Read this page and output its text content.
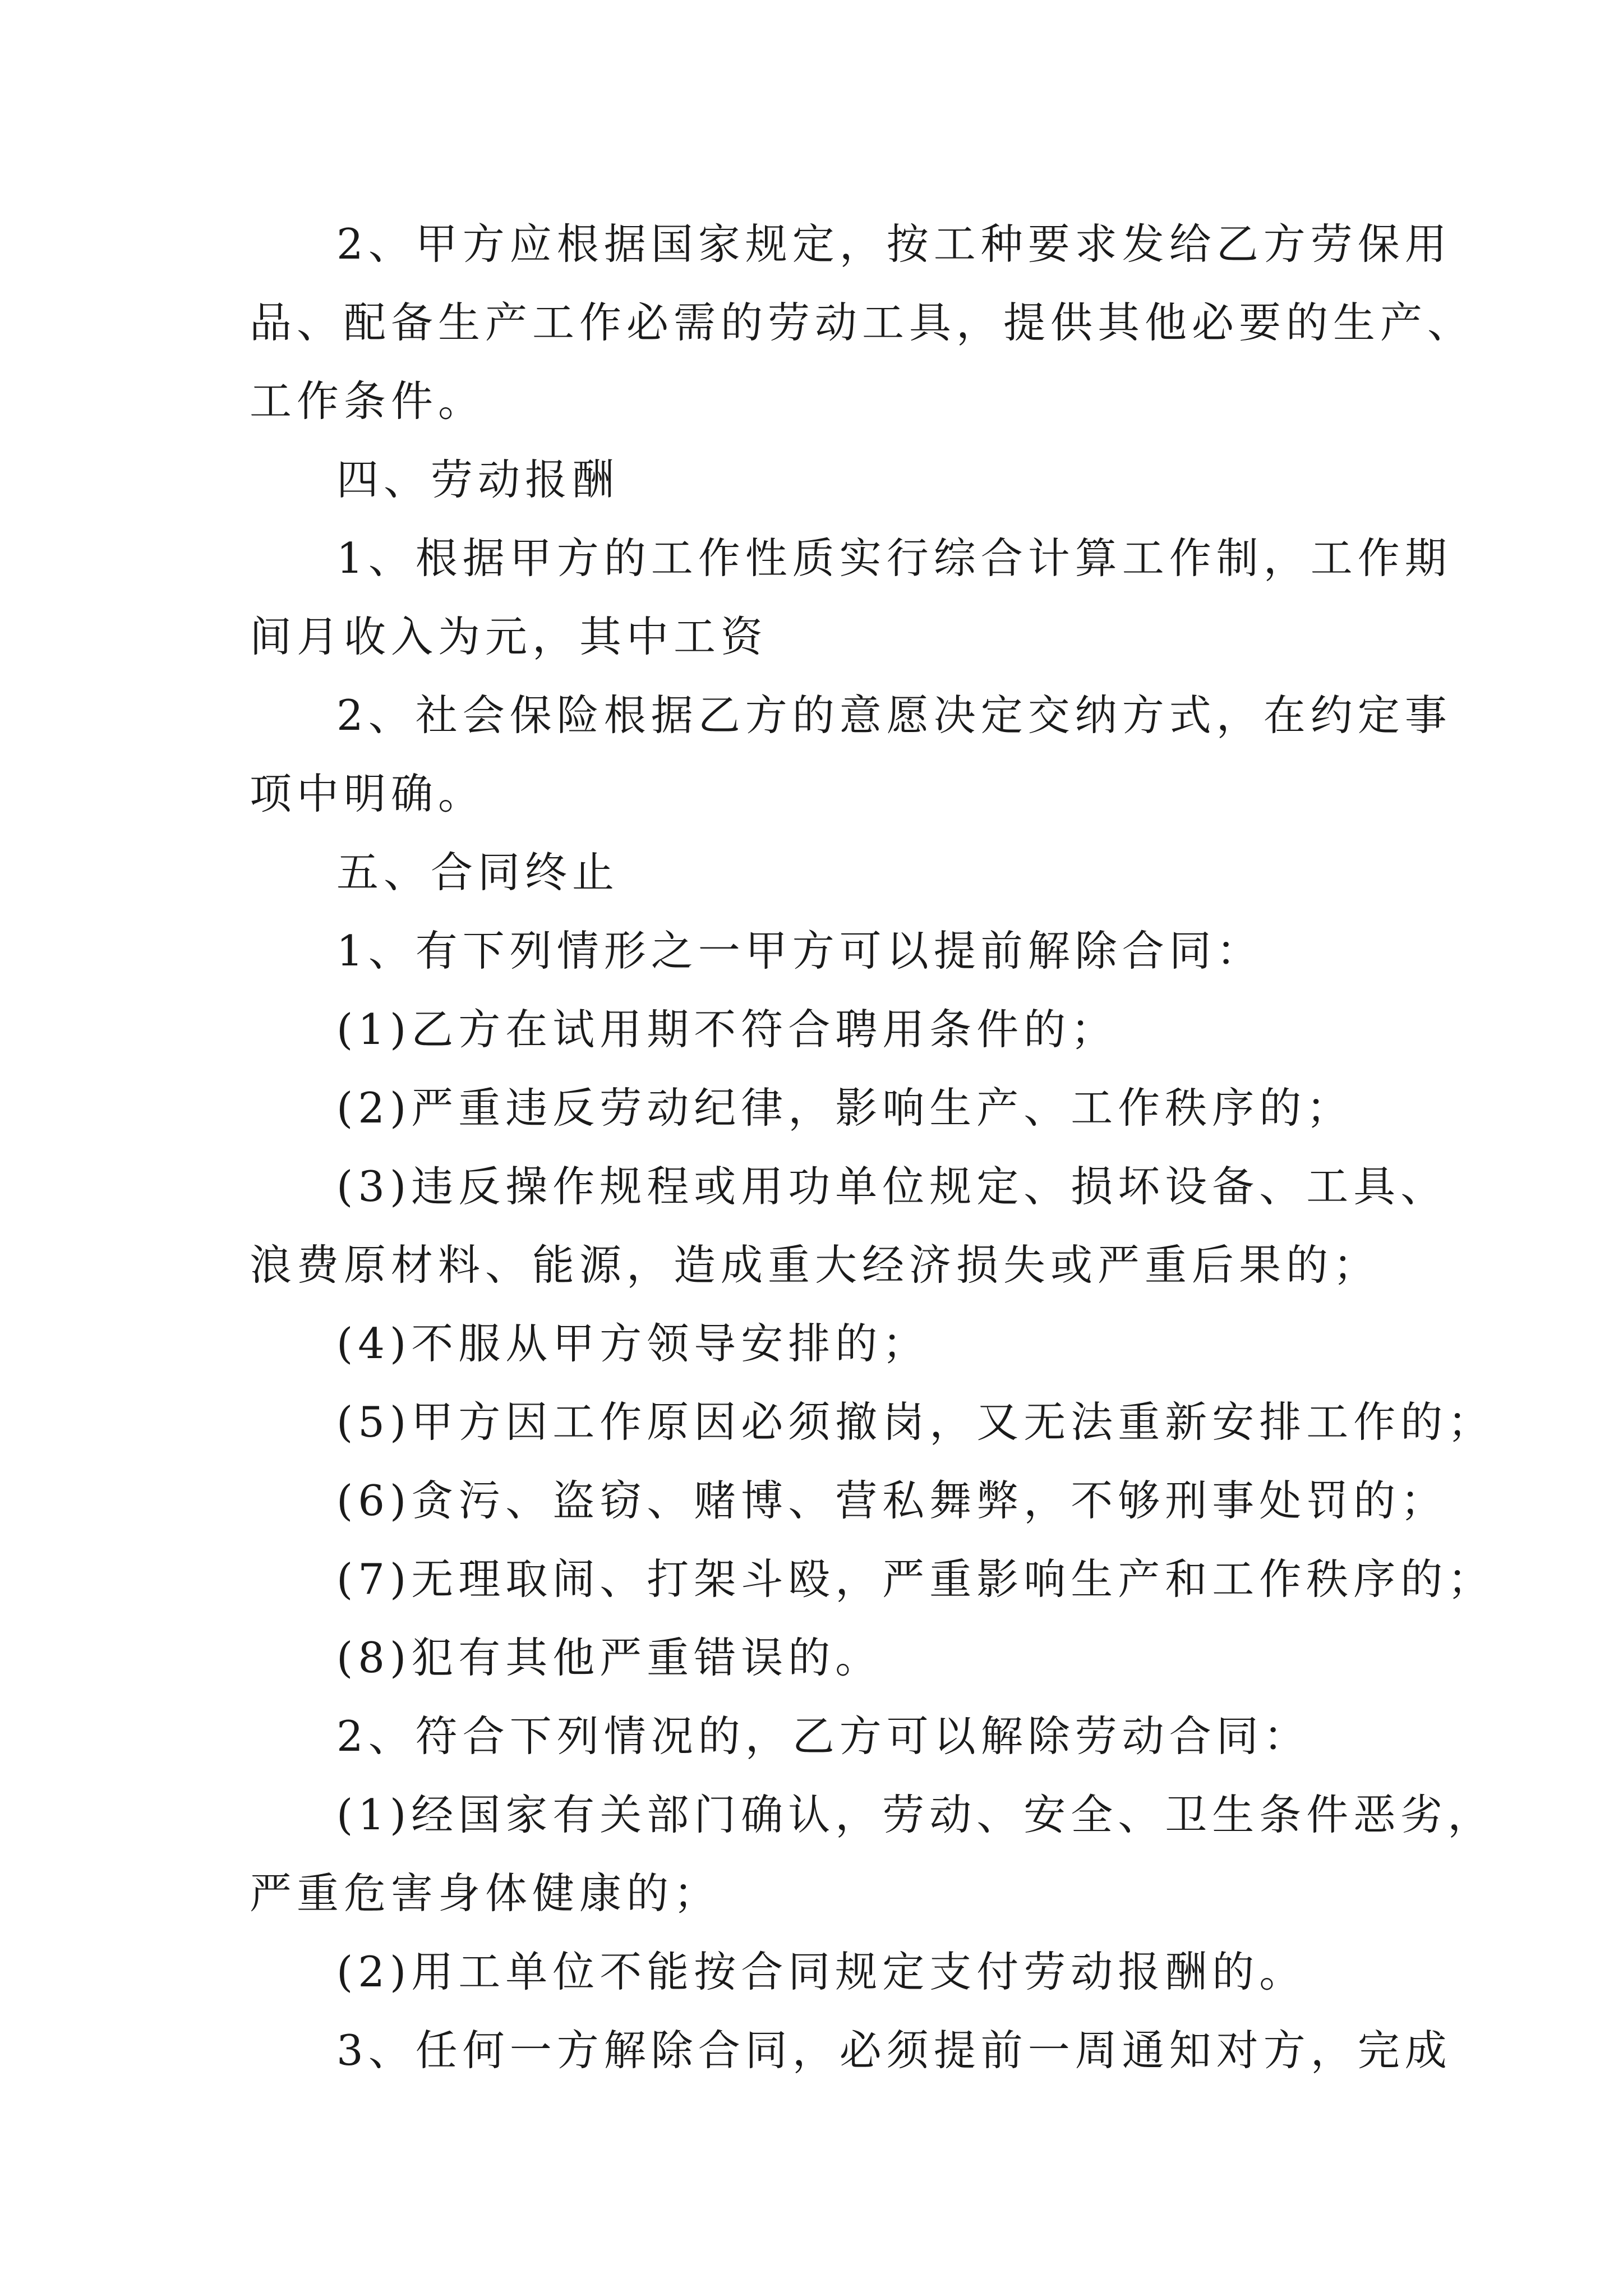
2、甲方应根据国家规定，按工种要求发给乙方劳保用

品、配备生产工作必需的劳动工具，提供其他必要的生产、

工作条件。

四、劳动报酬

1、根据甲方的工作性质实行综合计算工作制，工作期

间月收入为元，其中工资

2、社会保险根据乙方的意愿决定交纳方式，在约定事

项中明确。

五、合同终止

1、有下列情形之一甲方可以提前解除合同：

(1)乙方在试用期不符合聘用条件的；

(2)严重违反劳动纪律，影响生产、工作秩序的；

(3)违反操作规程或用功单位规定、损坏设备、工具、

浪费原材料、能源，造成重大经济损失或严重后果的；

(4)不服从甲方领导安排的；

(5)甲方因工作原因必须撤岗，又无法重新安排工作的；

(6)贪污、盗窃、赌博、营私舞弊，不够刑事处罚的；

(7)无理取闹、打架斗殴，严重影响生产和工作秩序的；

(8)犯有其他严重错误的。

2、符合下列情况的，乙方可以解除劳动合同：

(1)经国家有关部门确认，劳动、安全、卫生条件恶劣，

严重危害身体健康的；

(2)用工单位不能按合同规定支付劳动报酬的。

3、任何一方解除合同，必须提前一周通知对方，完成
